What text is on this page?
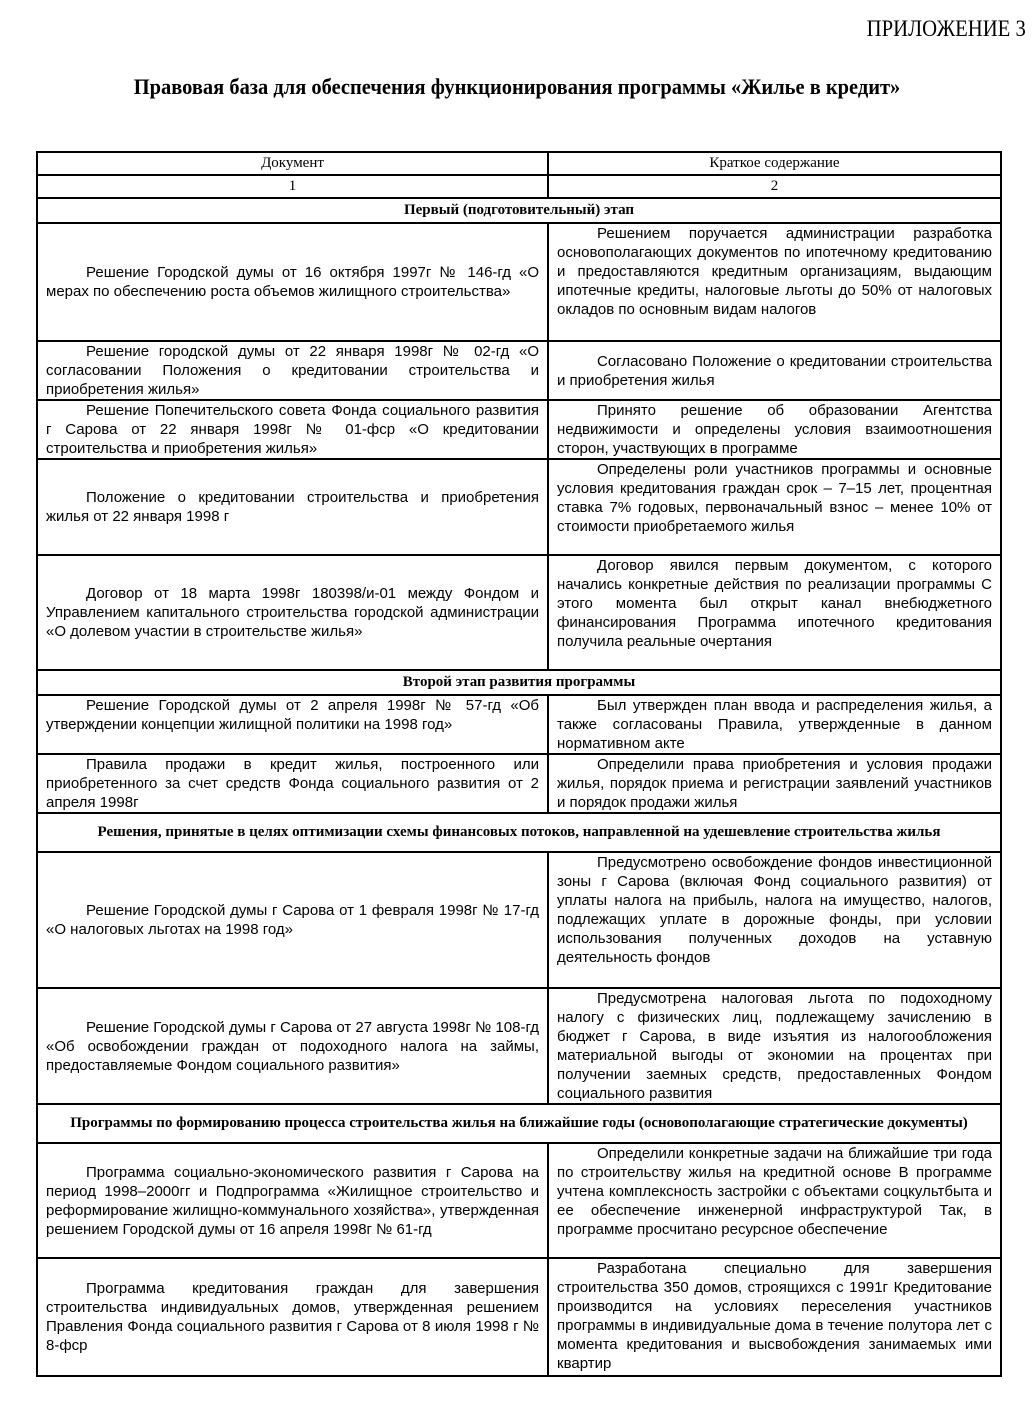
ПРИЛОЖЕНИЕ 3
Правовая база для обеспечения функционирования программы «Жилье в кредит»
Документ	Краткое содержание
1	2
Первый (подготовительный) этап	
Решение Городской думы от 16 октября 1997г № 146-гд «О мерах по обеспечению роста объемов жилищного строительства»	Решением поручается администрации разработка основополагающих документов по ипотечному кредитованию и предоставляются кредитным организациям, выдающим ипотечные кредиты, налоговые льготы до 50% от налоговых окладов по основным видам налогов
Решение городской думы от 22 января 1998г № 02-гд «О согласовании Положения о кредитовании строительства и приобретения жилья»	Согласовано Положение о кредитовании строительства и приобретения жилья
Решение Попечительского совета Фонда социального развития г Сарова от 22 января 1998г № 01-фср «О кредитовании строительства и приобретения жилья»	Принято решение об образовании Агентства недвижимости и определены условия взаимоотношения сторон, участвующих в программе
Положение о кредитовании строительства и приобретения жилья от 22 января 1998 г	Определены роли участников программы и основные условия кредитования граждан срок – 7–15 лет, процентная ставка 7% годовых, первоначальный взнос – менее 10% от стоимости приобретаемого жилья
Договор от 18 марта 1998г 180398/и-01 между Фондом и Управлением капитального строительства городской администрации «О долевом участии в строительстве жилья»	Договор явился первым документом, с которого начались конкретные действия по реализации программы С этого момента был открыт канал внебюджетного финансирования Программа ипотечного кредитования получила реальные очертания
Второй этап развития программы	
Решение Городской думы от 2 апреля 1998г № 57-гд «Об утверждении концепции жилищной политики на 1998 год»	Был утвержден план ввода и распределения жилья, а также согласованы Правила, утвержденные в данном нормативном акте
Правила продажи в кредит жилья, построенного или приобретенного за счет средств Фонда социального развития от 2 апреля 1998г	Определили права приобретения и условия продажи жилья, порядок приема и регистрации заявлений участников и порядок продажи жилья
Решения, принятые в целях оптимизации схемы финансовых потоков, направленной на удешевление строительства жилья	
Решение Городской думы г Сарова от 1 февраля 1998г № 17-гд «О налоговых льготах на 1998 год»	Предусмотрено освобождение фондов инвестиционной зоны г Сарова (включая Фонд социального развития) от уплаты налога на прибыль, налога на имущество, налогов, подлежащих уплате в дорожные фонды, при условии использования полученных доходов на уставную деятельность фондов
Решение Городской думы г Сарова от 27 августа 1998г № 108-гд «Об освобождении граждан от подоходного налога на займы, предоставляемые Фондом социального развития»	Предусмотрена налоговая льгота по подоходному налогу с физических лиц, подлежащему зачислению в бюджет г Сарова, в виде изъятия из налогообложения материальной выгоды от экономии на процентах при получении заемных средств, предоставленных Фондом социального развития
Программы по формированию процесса строительства жилья на ближайшие годы (основополагающие стратегические документы)	
Программа социально-экономического развития г Сарова на период 1998–2000гг и Подпрограмма «Жилищное строительство и реформирование жилищно-коммунального хозяйства», утвержденная решением Городской думы от 16 апреля 1998г № 61-гд	Определили конкретные задачи на ближайшие три года по строительству жилья на кредитной основе В программе учтена комплексность застройки с объектами соцкультбыта и ее обеспечение инженерной инфраструктурой Так, в программе просчитано ресурсное обеспечение
Программа кредитования граждан для завершения строительства индивидуальных домов, утвержденная решением Правления Фонда социального развития г Сарова от 8 июля 1998 г № 8-фср	Разработана специально для завершения строительства 350 домов, строящихся с 1991г Кредитование производится на условиях переселения участников программы в индивидуальные дома в течение полутора лет с момента кредитования и высвобождения занимаемых ими квартир
